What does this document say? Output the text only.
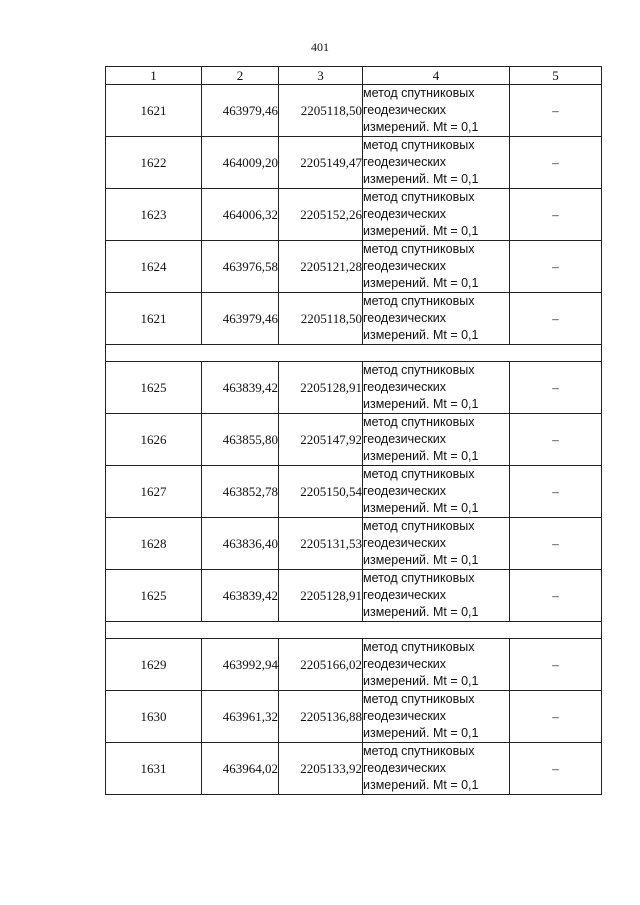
401
1	2	3	4	5
1621	463979,46	2205118,50	метод спутниковых
геодезических
измерений. Mt = 0,1	–
1622	464009,20	2205149,47	метод спутниковых
геодезических
измерений. Mt = 0,1	–
1623	464006,32	2205152,26	метод спутниковых
геодезических
измерений. Mt = 0,1	–
1624	463976,58	2205121,28	метод спутниковых
геодезических
измерений. Mt = 0,1	–
1621	463979,46	2205118,50	метод спутниковых
геодезических
измерений. Mt = 0,1	–

1625	463839,42	2205128,91	метод спутниковых
геодезических
измерений. Mt = 0,1	–
1626	463855,80	2205147,92	метод спутниковых
геодезических
измерений. Mt = 0,1	–
1627	463852,78	2205150,54	метод спутниковых
геодезических
измерений. Mt = 0,1	–
1628	463836,40	2205131,53	метод спутниковых
геодезических
измерений. Mt = 0,1	–
1625	463839,42	2205128,91	метод спутниковых
геодезических
измерений. Mt = 0,1	–

1629	463992,94	2205166,02	метод спутниковых
геодезических
измерений. Mt = 0,1	–
1630	463961,32	2205136,88	метод спутниковых
геодезических
измерений. Mt = 0,1	–
1631	463964,02	2205133,92	метод спутниковых
геодезических
измерений. Mt = 0,1	–
